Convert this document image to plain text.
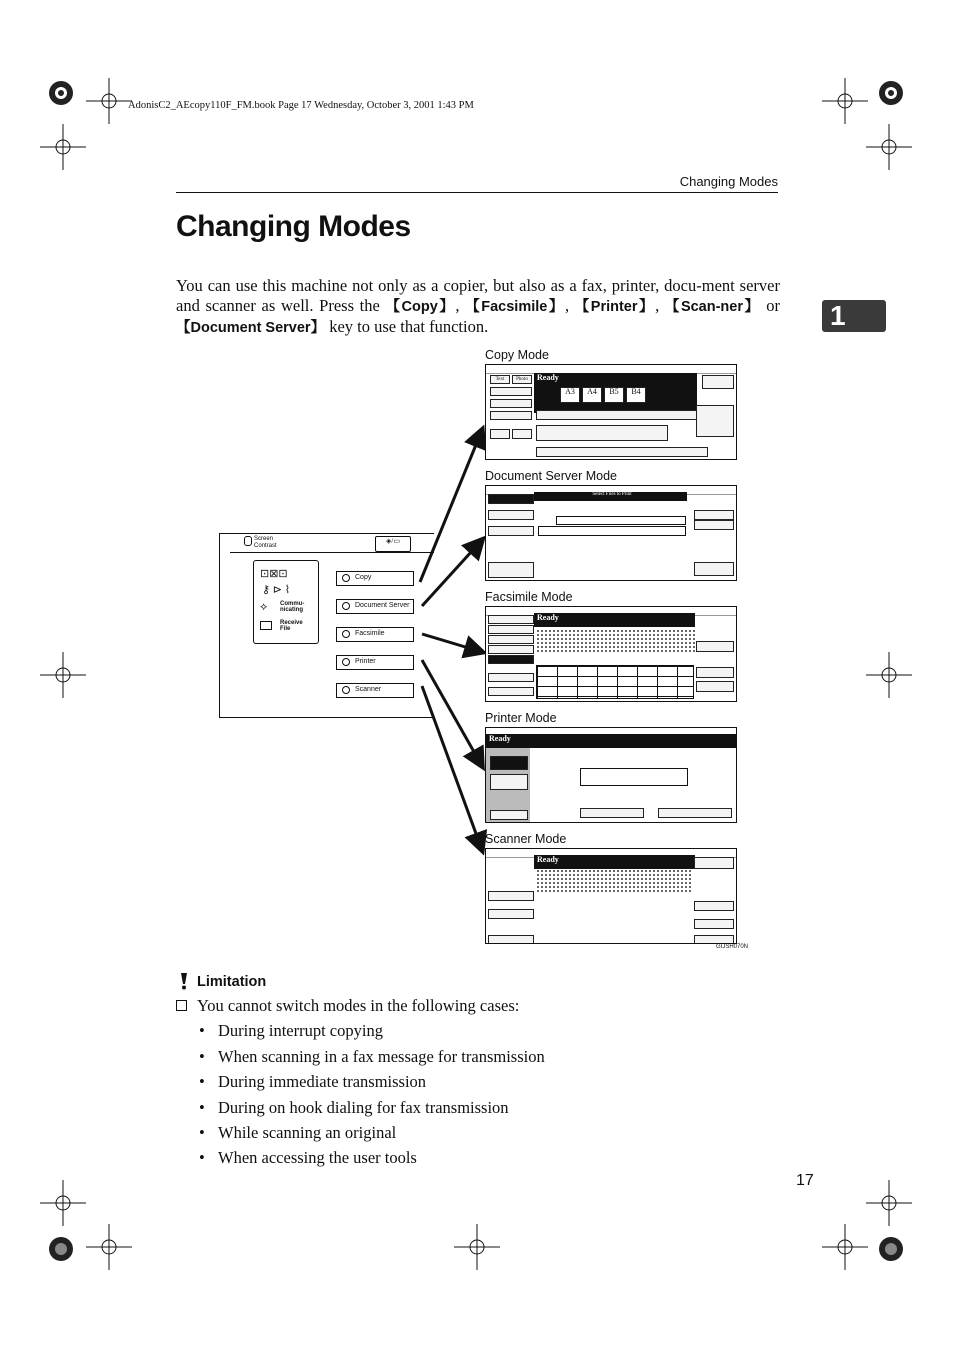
AdonisC2_AEcopy110F_FM.book Page 17 Wednesday, October 3, 2001 1:43 PM
Changing Modes
Changing Modes
1
You can use this machine not only as a copier, but also as a fax, printer, docu-ment server and scanner as well. Press the 【Copy】, 【Facsimile】, 【Printer】, 【Scan-ner】 or 【Document Server】 key to use that function.
Screen Contrast
◈/▭
⊡⊠⊡
⚷ ⊳ ⌇
⟡ Commu-nicating
Receive File
Copy
Document Server
Facsimile
Printer
Scanner
Copy Mode
Ready
Text	Photo
A3	A4	B5	B4
Document Server Mode
Select Files to Print
Facsimile Mode
Ready
Printer Mode
Ready
Scanner Mode
Ready
GIJSH070N
Limitation
You cannot switch modes in the following cases:
• During interrupt copying
• When scanning in a fax message for transmission
• During immediate transmission
• During on hook dialing for fax transmission
• While scanning an original
• When accessing the user tools
17
